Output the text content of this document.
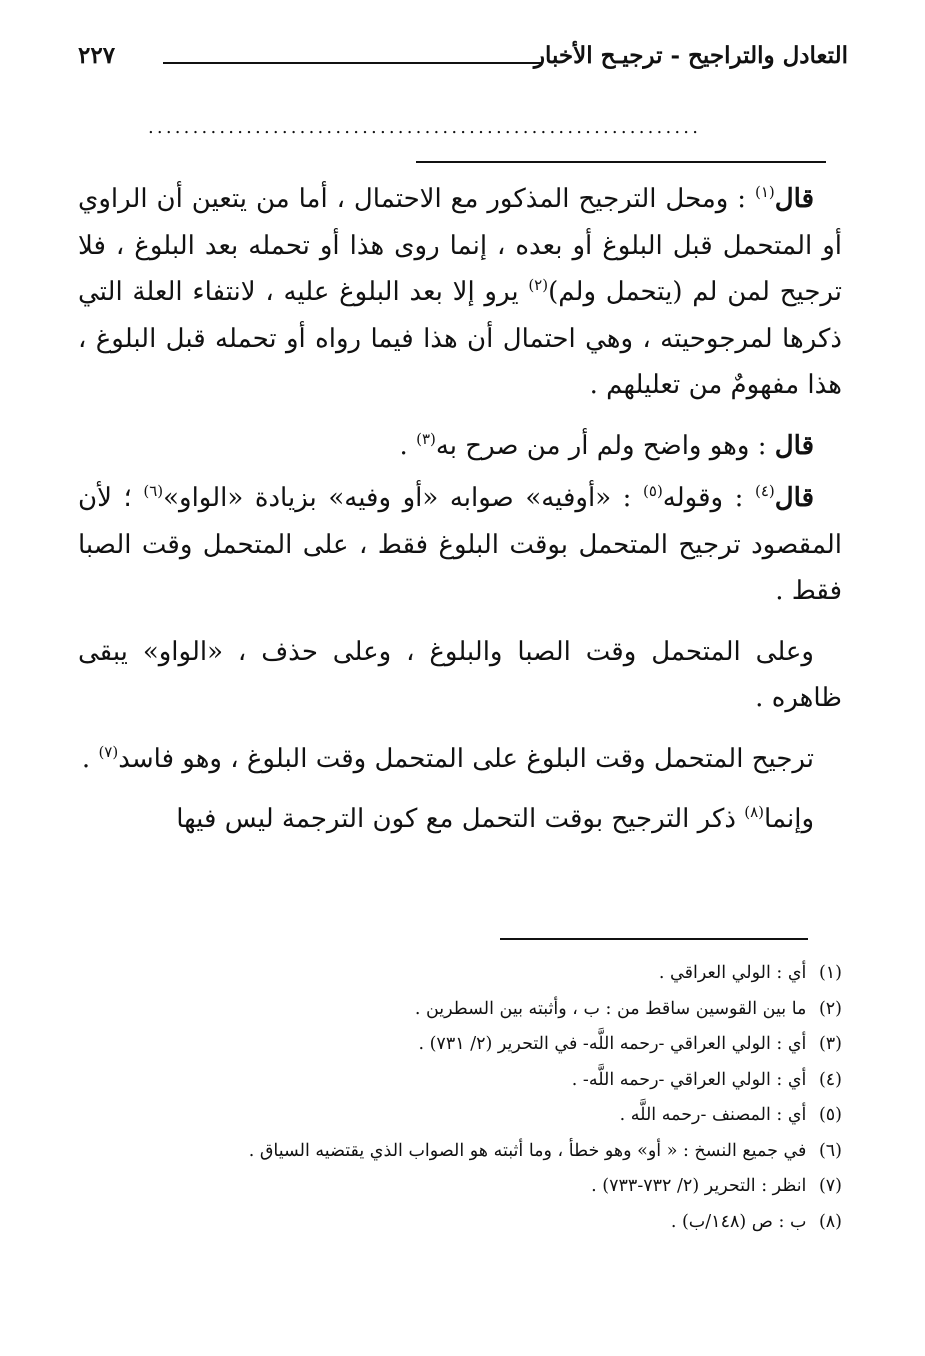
التعادل والتراجيح - ترجيـح الأخبار
٢٢٧
..............................................................

قال$^{(١)}$ : ومحل الترجيح المذكور مع الاحتمال ، أما من يتعين أن الراوي أو المتحمل قبل البلوغ أو بعده ، إنما روى هذا أو تحمله بعد البلوغ ، فلا ترجيح لمن لم (يتحمل ولم)$^{(٢)}$ يرو إلا بعد البلوغ عليه ، لانتفاء العلة التي ذكرها لمرجوحيته ، وهي احتمال أن هذا فيما رواه أو تحمله قبل البلوغ ، هذا مفهومٌ من تعليلهم .

قال : وهو واضح ولم أر من صرح به$^{(٣)}$ .

قال$^{(٤)}$ : وقوله$^{(٥)}$ : «أوفيه» صوابه «أو وفيه» بزيادة «الواو»$^{(٦)}$ ؛ لأن المقصود ترجيح المتحمل بوقت البلوغ فقط ، على المتحمل وقت الصبا فقط .

وعلى المتحمل وقت الصبا والبلوغ ، وعلى حذف ، «الواو» يبقى ظاهره .

ترجيح المتحمل وقت البلوغ على المتحمل وقت البلوغ ، وهو فاسد$^{(٧)}$ .

وإنما$^{(٨)}$ ذكر الترجيح بوقت التحمل مع كون الترجمة ليس فيها

(١) أي : الولي العراقي .
(٢) ما بين القوسين ساقط من : ب ، وأثبته بين السطرين .
(٣) أي : الولي العراقي -رحمه اللَّه- في التحرير (٢/ ٧٣١) .
(٤) أي : الولي العراقي -رحمه اللَّه- .
(٥) أي : المصنف -رحمه اللَّه .
(٦) في جميع النسخ : « أو» وهو خطأ ، وما أثبته هو الصواب الذي يقتضيه السياق .
(٧) انظر : التحرير (٢/ ٧٣٢-٧٣٣) .
(٨) ب : ص (١٤٨/ب) .
